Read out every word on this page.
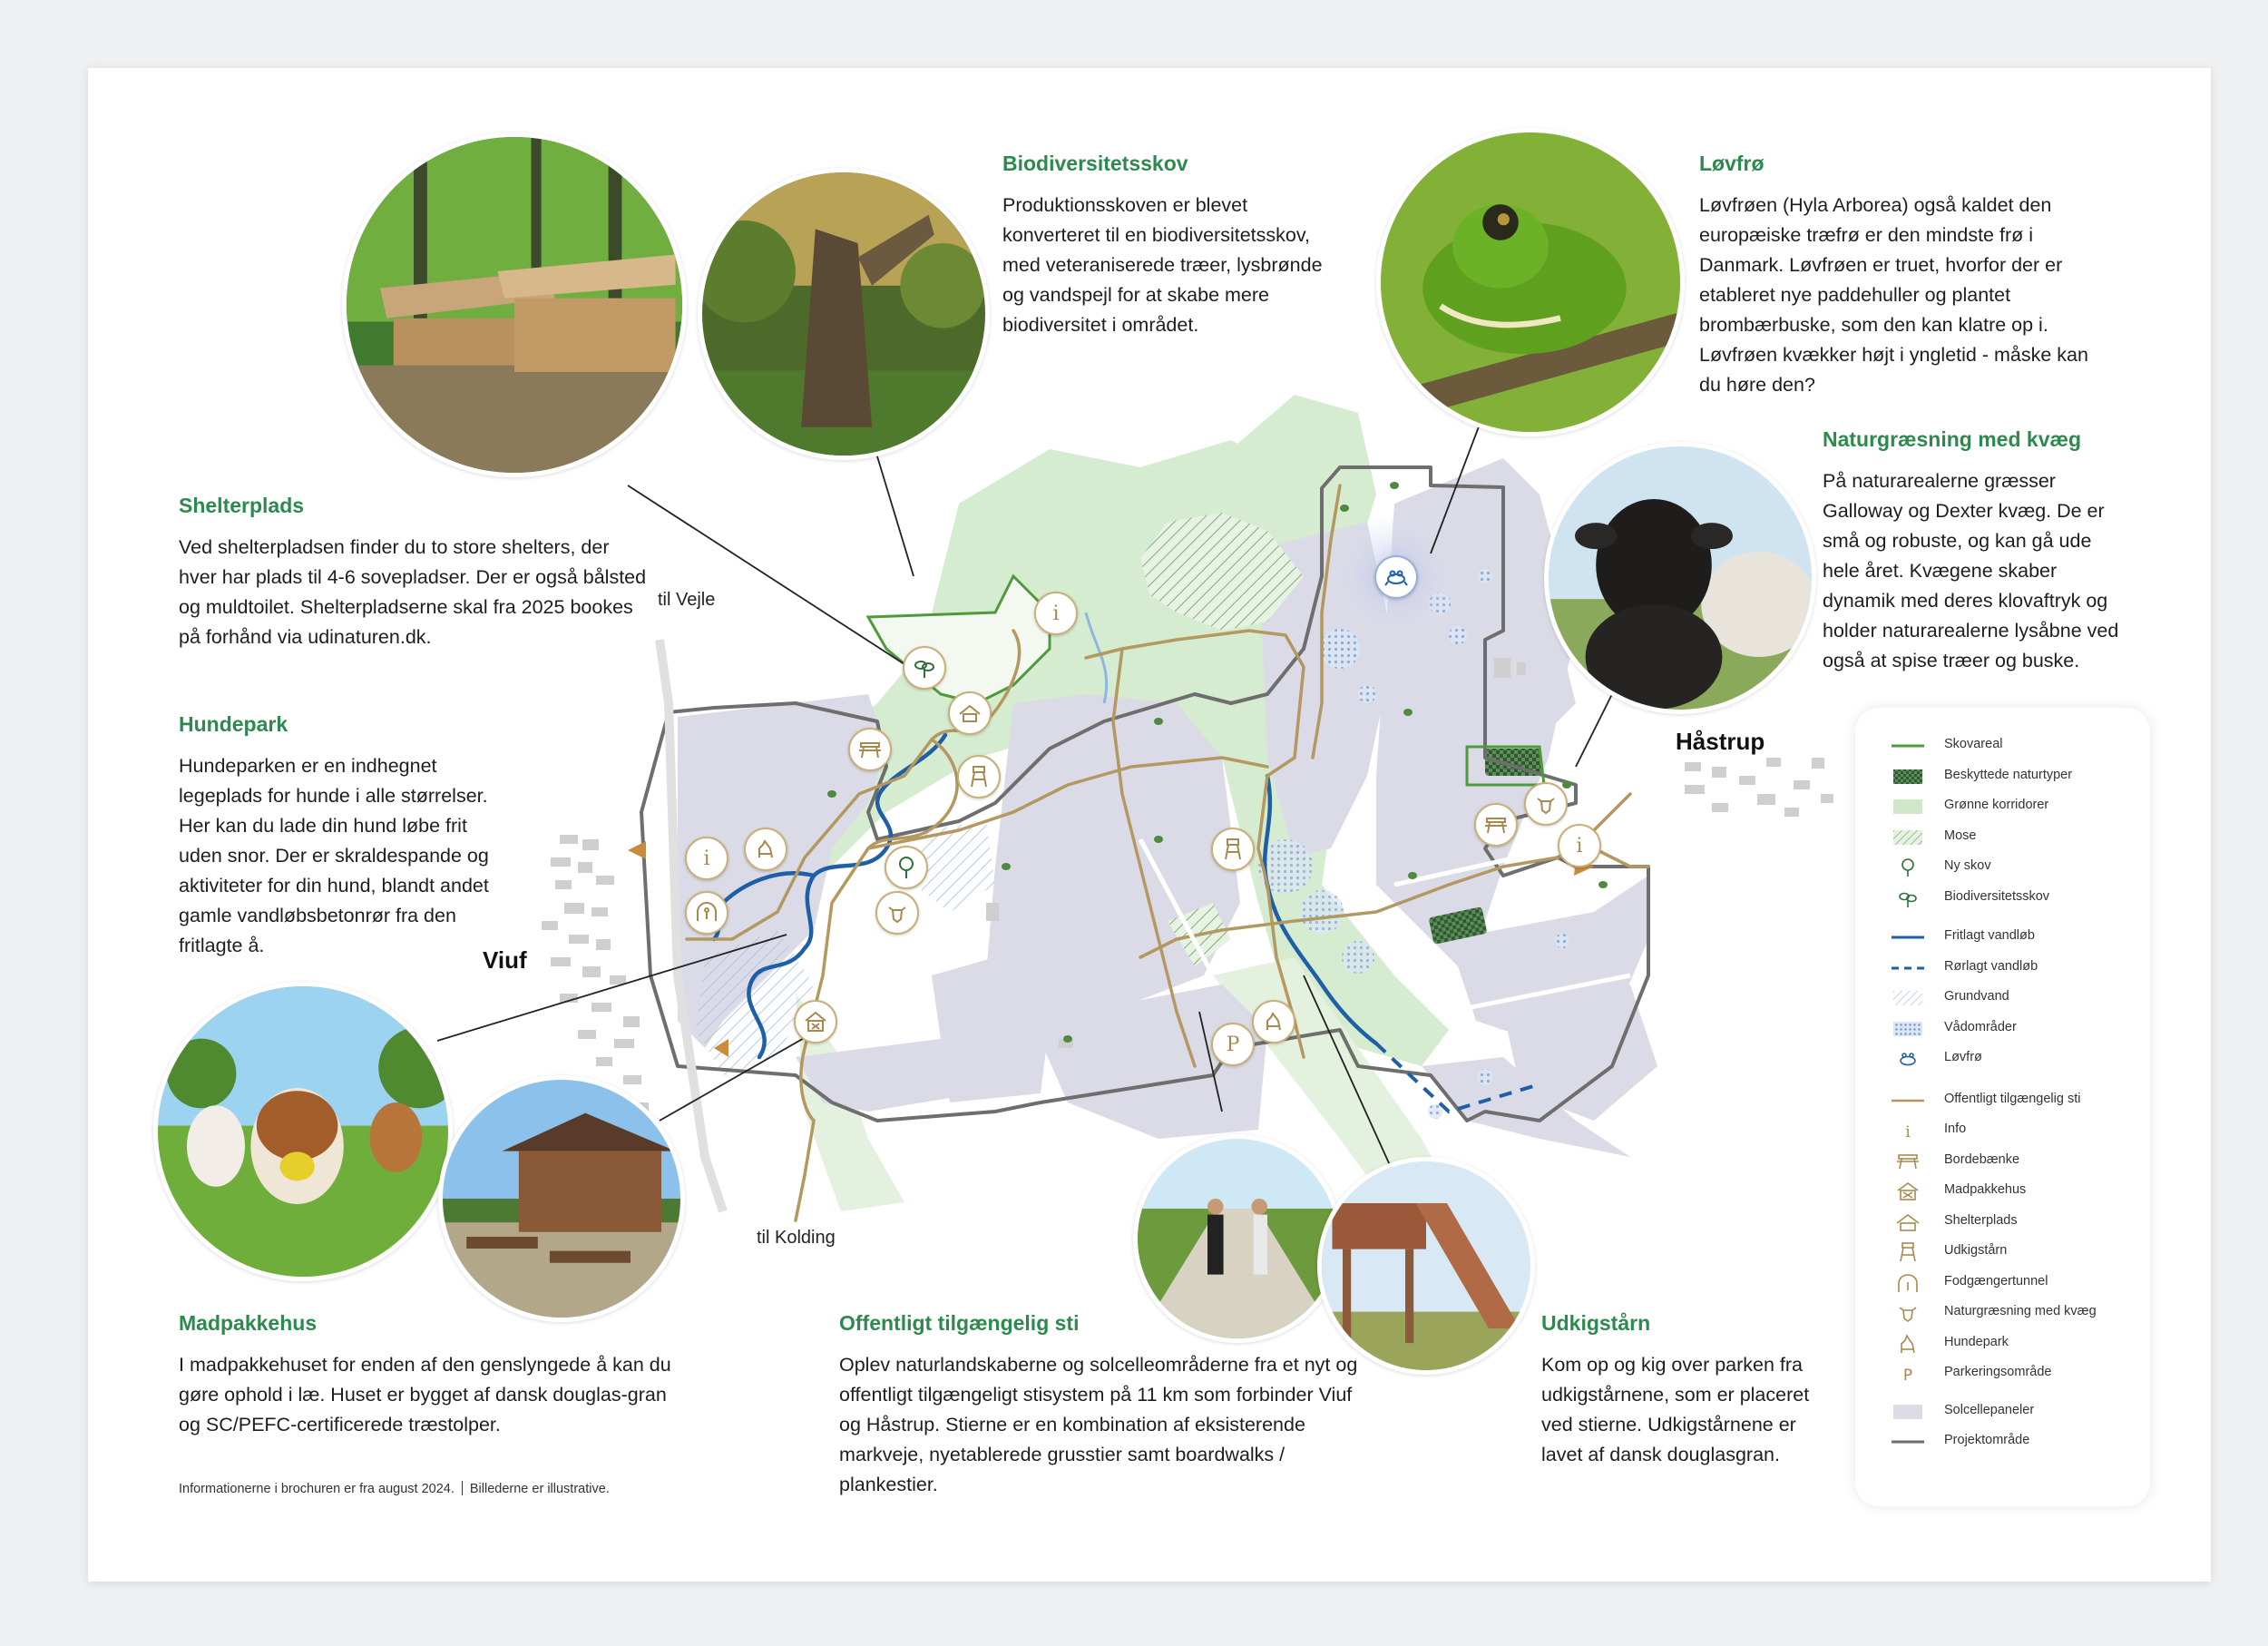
i
i
i
P
Viuf
Håstrup
til Vejle
til Kolding
Biodiversitetsskov

Produktionsskoven er blevet konverteret til en biodiversitetsskov, med veteraniserede træer, lysbrønde og vandspejl for at skabe mere biodiversitet i området.

Løvfrø

Løvfrøen (Hyla Arborea) også kaldet den europæiske træfrø er den mindste frø i Danmark. Løvfrøen er truet, hvorfor der er etableret nye paddehuller og plantet brombærbuske, som den kan klatre op i. Løvfrøen kvækker højt i yngletid - måske kan du høre den?

Naturgræsning med kvæg

På naturarealerne græsser Galloway og Dexter kvæg. De er små og robuste, og kan gå ude hele året. Kvægene skaber dynamik med deres klovaftryk og holder naturarealerne lysåbne ved også at spise træer og buske.

Shelterplads

Ved shelterpladsen finder du to store shelters, der hver har plads til 4-6 sovepladser. Der er også bålsted og muldtoilet. Shelterpladserne skal fra 2025 bookes på forhånd via udinaturen.dk.

Hundepark

Hundeparken er en indhegnet legeplads for hunde i alle størrelser. Her kan du lade din hund løbe frit uden snor. Der er skraldespande og aktiviteter for din hund, blandt andet gamle vandløbsbetonrør fra den fritlagte å.

Madpakkehus

I madpakkehuset for enden af den genslyngede å kan du gøre ophold i læ. Huset er bygget af dansk douglas-gran og SC/PEFC-certificerede træstolper.

Offentligt tilgængelig sti

Oplev naturlandskaberne og solcelleområderne fra et nyt og offentligt tilgængeligt stisystem på 11 km som forbinder Viuf og Håstrup. Stierne er en kombination af eksisterende markveje, nyetablerede grusstier samt boardwalks / plankestier.

Udkigstårn

Kom op og kig over parken fra udkigstårnene, som er placeret ved stierne. Udkigstårnene er lavet af dansk douglasgran.

Skovareal
Beskyttede naturtyper
Grønne korridorer
Mose
Ny skov
Biodiversitetsskov
Fritlagt vandløb
Rørlagt vandløb
Grundvand
Vådområder
Løvfrø
Offentligt tilgængelig sti
i	Info
Bordebænke
Madpakkehus
Shelterplads
Udkigstårn
Fodgængertunnel
Naturgræsning med kvæg
Hundepark
P Parkeringsområde
Solcellepaneler
Projektområde
Informationerne i brochuren er fra august 2024. Billederne er illustrative.
